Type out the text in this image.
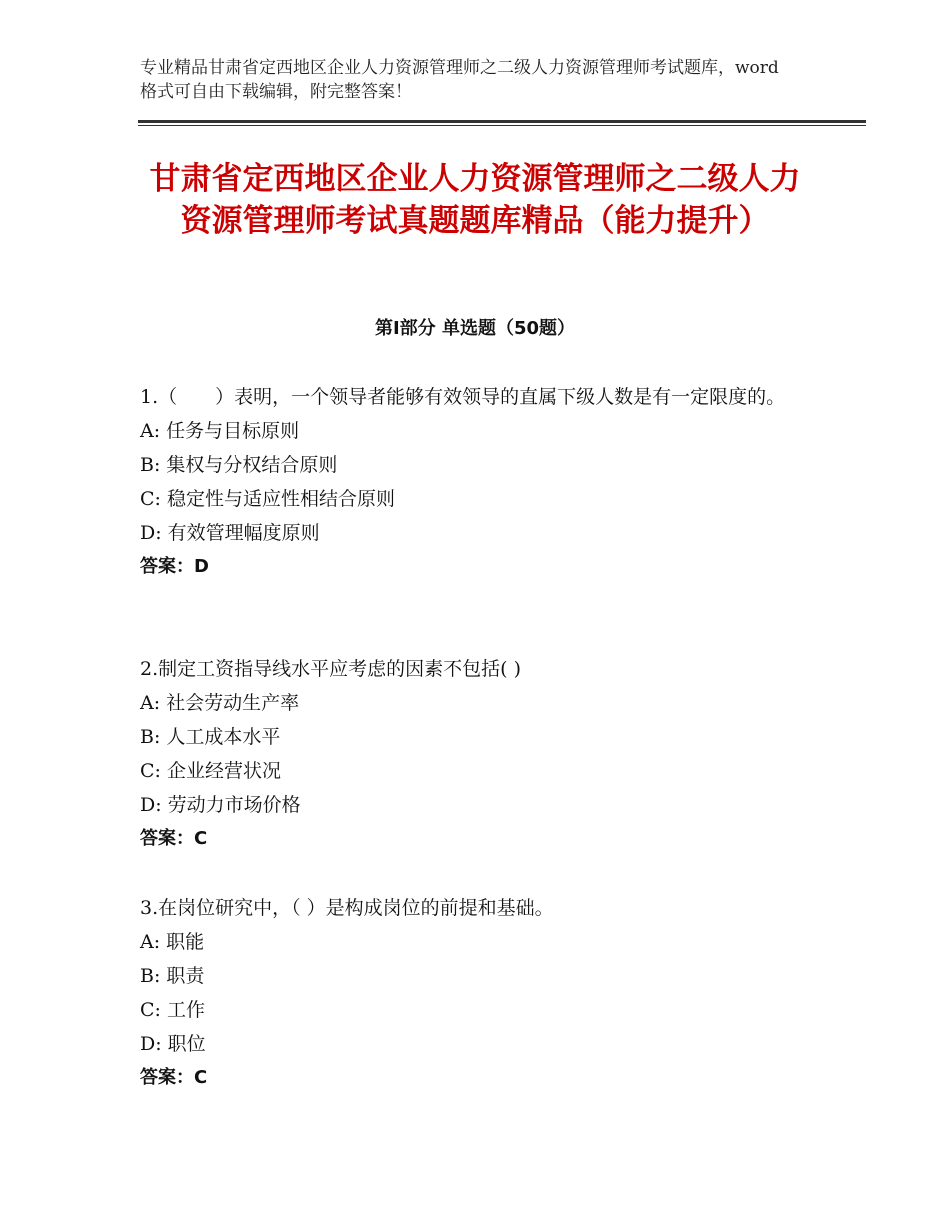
专业精品甘肃省定西地区企业人力资源管理师之二级人力资源管理师考试题库，word格式可自由下载编辑，附完整答案！
甘肃省定西地区企业人力资源管理师之二级人力资源管理师考试真题题库精品（能力提升）
第Ⅰ部分 单选题（50题）
1.（　　）表明，一个领导者能够有效领导的直属下级人数是有一定限度的。
A: 任务与目标原则
B: 集权与分权结合原则
C: 稳定性与适应性相结合原则
D: 有效管理幅度原则
答案：D
2.制定工资指导线水平应考虑的因素不包括( )
A: 社会劳动生产率
B: 人工成本水平
C: 企业经营状况
D: 劳动力市场价格
答案：C
3.在岗位研究中，（ ）是构成岗位的前提和基础。
A: 职能
B: 职责
C: 工作
D: 职位
答案：C
